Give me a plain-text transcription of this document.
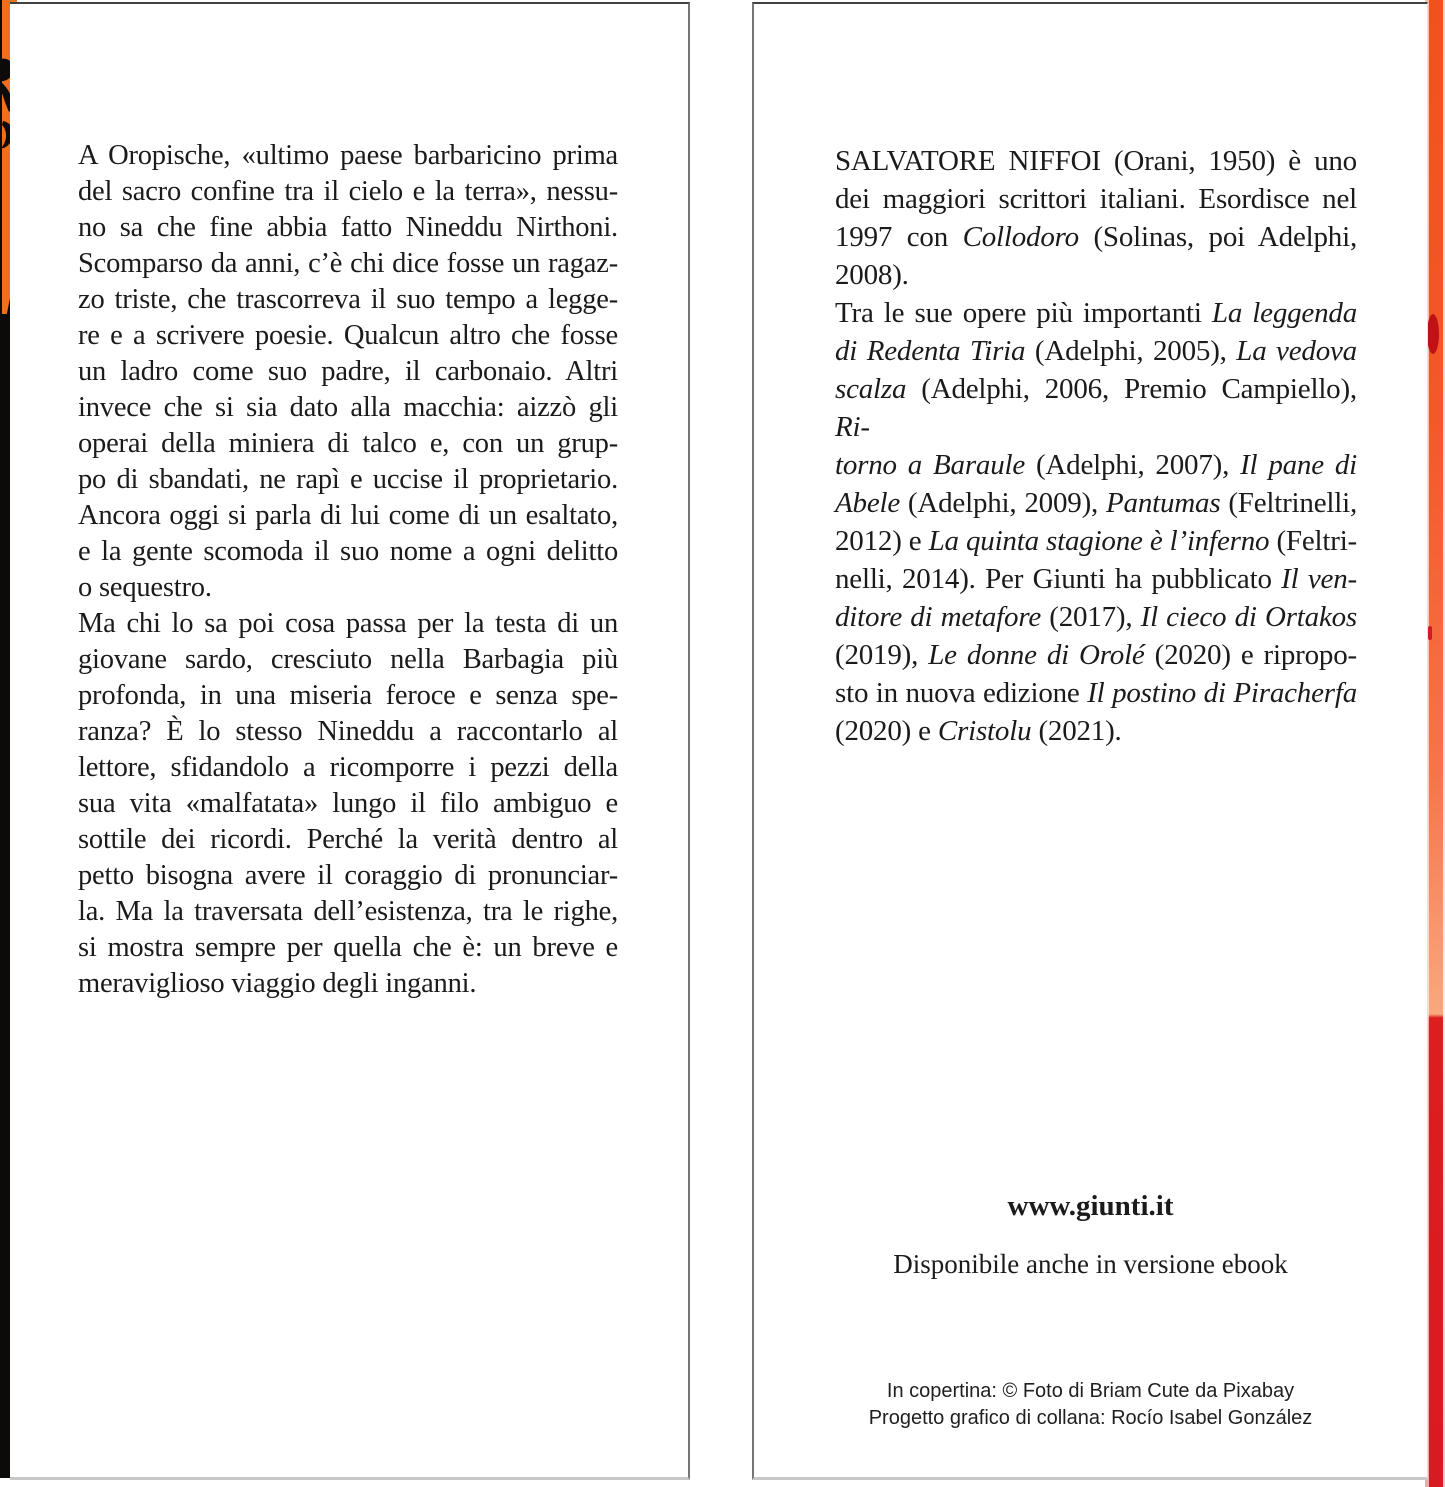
A Oropische, «ultimo paese barbaricino prima
del sacro confine tra il cielo e la terra», nessu-
no sa che fine abbia fatto Nineddu Nirthoni.
Scomparso da anni, c’è chi dice fosse un ragaz-
zo triste, che trascorreva il suo tempo a legge-
re e a scrivere poesie. Qualcun altro che fosse
un ladro come suo padre, il carbonaio. Altri
invece che si sia dato alla macchia: aizzò gli
operai della miniera di talco e, con un grup-
po di sbandati, ne rapì e uccise il proprietario.
Ancora oggi si parla di lui come di un esaltato,
e la gente scomoda il suo nome a ogni delitto
o sequestro.
Ma chi lo sa poi cosa passa per la testa di un
giovane sardo, cresciuto nella Barbagia più
profonda, in una miseria feroce e senza spe-
ranza? È lo stesso Nineddu a raccontarlo al
lettore, sfidandolo a ricomporre i pezzi della
sua vita «malfatata» lungo il filo ambiguo e
sottile dei ricordi. Perché la verità dentro al
petto bisogna avere il coraggio di pronunciar-
la. Ma la traversata dell’esistenza, tra le righe,
si mostra sempre per quella che è: un breve e
meraviglioso viaggio degli inganni.
SALVATORE NIFFOI (Orani, 1950) è uno
dei maggiori scrittori italiani. Esordisce nel
1997 con Collodoro (Solinas, poi Adelphi, 2008).
Tra le sue opere più importanti La leggenda
di Redenta Tiria (Adelphi, 2005), La vedova
scalza (Adelphi, 2006, Premio Campiello), Ri-
torno a Baraule (Adelphi, 2007), Il pane di
Abele (Adelphi, 2009), Pantumas (Feltrinelli,
2012) e La quinta stagione è l’inferno (Feltri-
nelli, 2014). Per Giunti ha pubblicato Il ven-
ditore di metafore (2017), Il cieco di Ortakos
(2019), Le donne di Orolé (2020) e ripropo-
sto in nuova edizione Il postino di Piracherfa
(2020) e Cristolu (2021).
www.giunti.it
Disponibile anche in versione ebook
In copertina: © Foto di Briam Cute da Pixabay
Progetto grafico di collana: Rocío Isabel González
